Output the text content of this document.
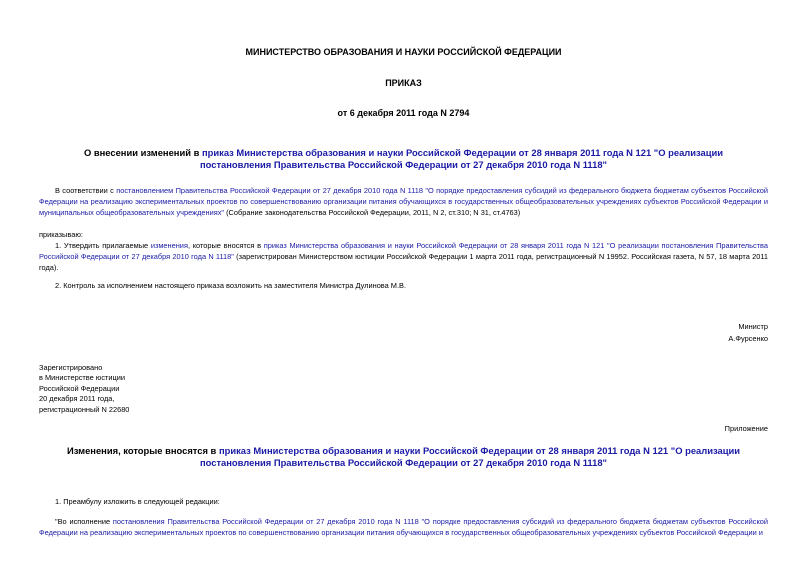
МИНИСТЕРСТВО ОБРАЗОВАНИЯ И НАУКИ РОССИЙСКОЙ ФЕДЕРАЦИИ
ПРИКАЗ
от 6 декабря 2011 года N 2794
О внесении изменений в приказ Министерства образования и науки Российской Федерации от 28 января 2011 года N 121 "О реализации постановления Правительства Российской Федерации от 27 декабря 2010 года N 1118"
В соответствии с постановлением Правительства Российской Федерации от 27 декабря 2010 года N 1118 "О порядке предоставления субсидий из федерального бюджета бюджетам субъектов Российской Федерации на реализацию экспериментальных проектов по совершенствованию организации питания обучающихся в государственных общеобразовательных учреждениях субъектов Российской Федерации и муниципальных общеобразовательных учреждениях" (Собрание законодательства Российской Федерации, 2011, N 2, ст.310; N 31, ст.4763)
приказываю:
1. Утвердить прилагаемые изменения, которые вносятся в приказ Министерства образования и науки Российской Федерации от 28 января 2011 года N 121 "О реализации постановления Правительства Российской Федерации от 27 декабря 2010 года N 1118" (зарегистрирован Министерством юстиции Российской Федерации 1 марта 2011 года, регистрационный N 19952. Российская газета, N 57, 18 марта 2011 года).
2. Контроль за исполнением настоящего приказа возложить на заместителя Министра Дулинова М.В.
Министр
А.Фурсенко
Зарегистрировано
в Министерстве юстиции
Российской Федерации
20 декабря 2011 года,
регистрационный N 22680
Приложение
Изменения, которые вносятся в приказ Министерства образования и науки Российской Федерации от 28 января 2011 года N 121 "О реализации постановления Правительства Российской Федерации от 27 декабря 2010 года N 1118"
1. Преамбулу изложить в следующей редакции:
"Во исполнение постановления Правительства Российской Федерации от 27 декабря 2010 года N 1118 "О порядке предоставления субсидий из федерального бюджета бюджетам субъектов Российской Федерации на реализацию экспериментальных проектов по совершенствованию организации питания обучающихся в государственных общеобразовательных учреждениях субъектов Российской Федерации и
